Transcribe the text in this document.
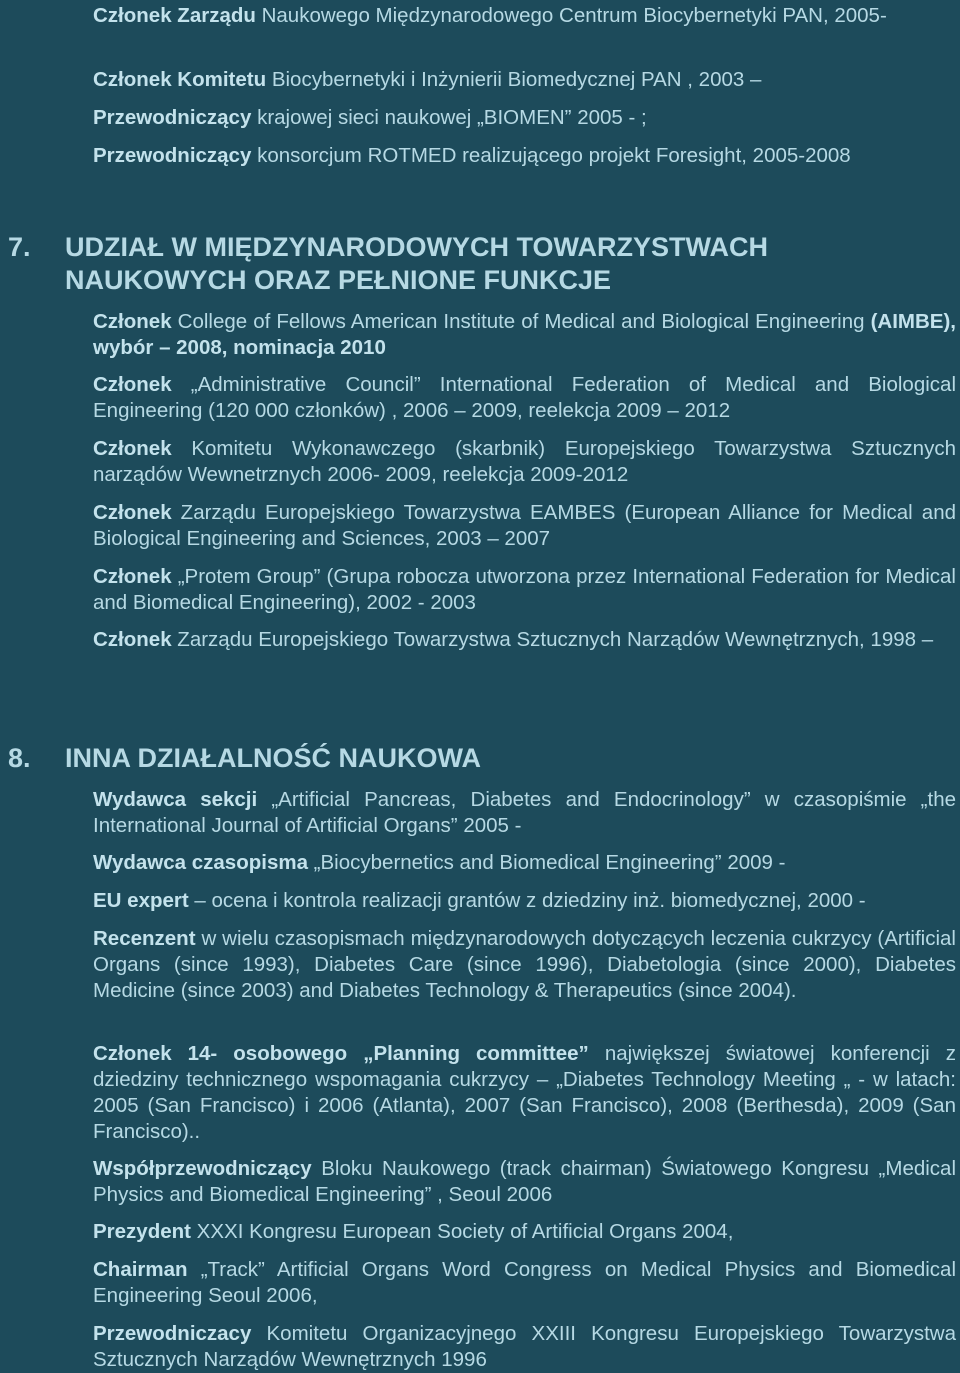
Członek Zarządu Naukowego Międzynarodowego Centrum Biocybernetyki PAN, 2005-

Członek Komitetu Biocybernetyki i Inżynierii Biomedycznej PAN , 2003 –

Przewodniczący krajowej sieci naukowej „BIOMEN” 2005 - ;

Przewodniczący konsorcjum ROTMED realizującego projekt Foresight, 2005-2008

7. UDZIAŁ W MIĘDZYNARODOWYCH TOWARZYSTWACH NAUKOWYCH ORAZ PEŁNIONE FUNKCJE

Członek College of Fellows American Institute of Medical and Biological Engineering (AIMBE), wybór – 2008, nominacja 2010

Członek „Administrative Council” International Federation of Medical and Biological Engineering (120 000 członków) , 2006 – 2009, reelekcja 2009 – 2012

Członek Komitetu Wykonawczego (skarbnik) Europejskiego Towarzystwa Sztucznych narządów Wewnetrznych 2006- 2009, reelekcja 2009-2012

Członek Zarządu Europejskiego Towarzystwa EAMBES (European Alliance for Medical and Biological Engineering and Sciences, 2003 – 2007

Członek „Protem Group” (Grupa robocza utworzona przez International Federation for Medical and Biomedical Engineering), 2002 - 2003

Członek Zarządu Europejskiego Towarzystwa Sztucznych Narządów Wewnętrznych, 1998 –

8. INNA DZIAŁALNOŚĆ NAUKOWA

Wydawca sekcji „Artificial Pancreas, Diabetes and Endocrinology” w czasopiśmie „the International Journal of Artificial Organs” 2005 -

Wydawca czasopisma „Biocybernetics and Biomedical Engineering” 2009 -

EU expert – ocena i kontrola realizacji grantów z dziedziny inż. biomedycznej, 2000 -

Recenzent w wielu czasopismach międzynarodowych dotyczących leczenia cukrzycy (Artificial Organs (since 1993), Diabetes Care (since 1996), Diabetologia (since 2000), Diabetes Medicine (since 2003) and Diabetes Technology & Therapeutics (since 2004).

Członek 14- osobowego „Planning committee” największej światowej konferencji z dziedziny technicznego wspomagania cukrzycy – „Diabetes Technology Meeting „ - w latach: 2005 (San Francisco) i 2006 (Atlanta), 2007 (San Francisco), 2008 (Berthesda), 2009 (San Francisco)..

Współprzewodniczący Bloku Naukowego (track chairman) Światowego Kongresu „Medical Physics and Biomedical Engineering” , Seoul 2006

Prezydent XXXI Kongresu European Society of Artificial Organs 2004,

Chairman „Track” Artificial Organs Word Congress on Medical Physics and Biomedical Engineering Seoul 2006,

Przewodniczacy Komitetu Organizacyjnego XXIII Kongresu Europejskiego Towarzystwa Sztucznych Narządów Wewnętrznych 1996
